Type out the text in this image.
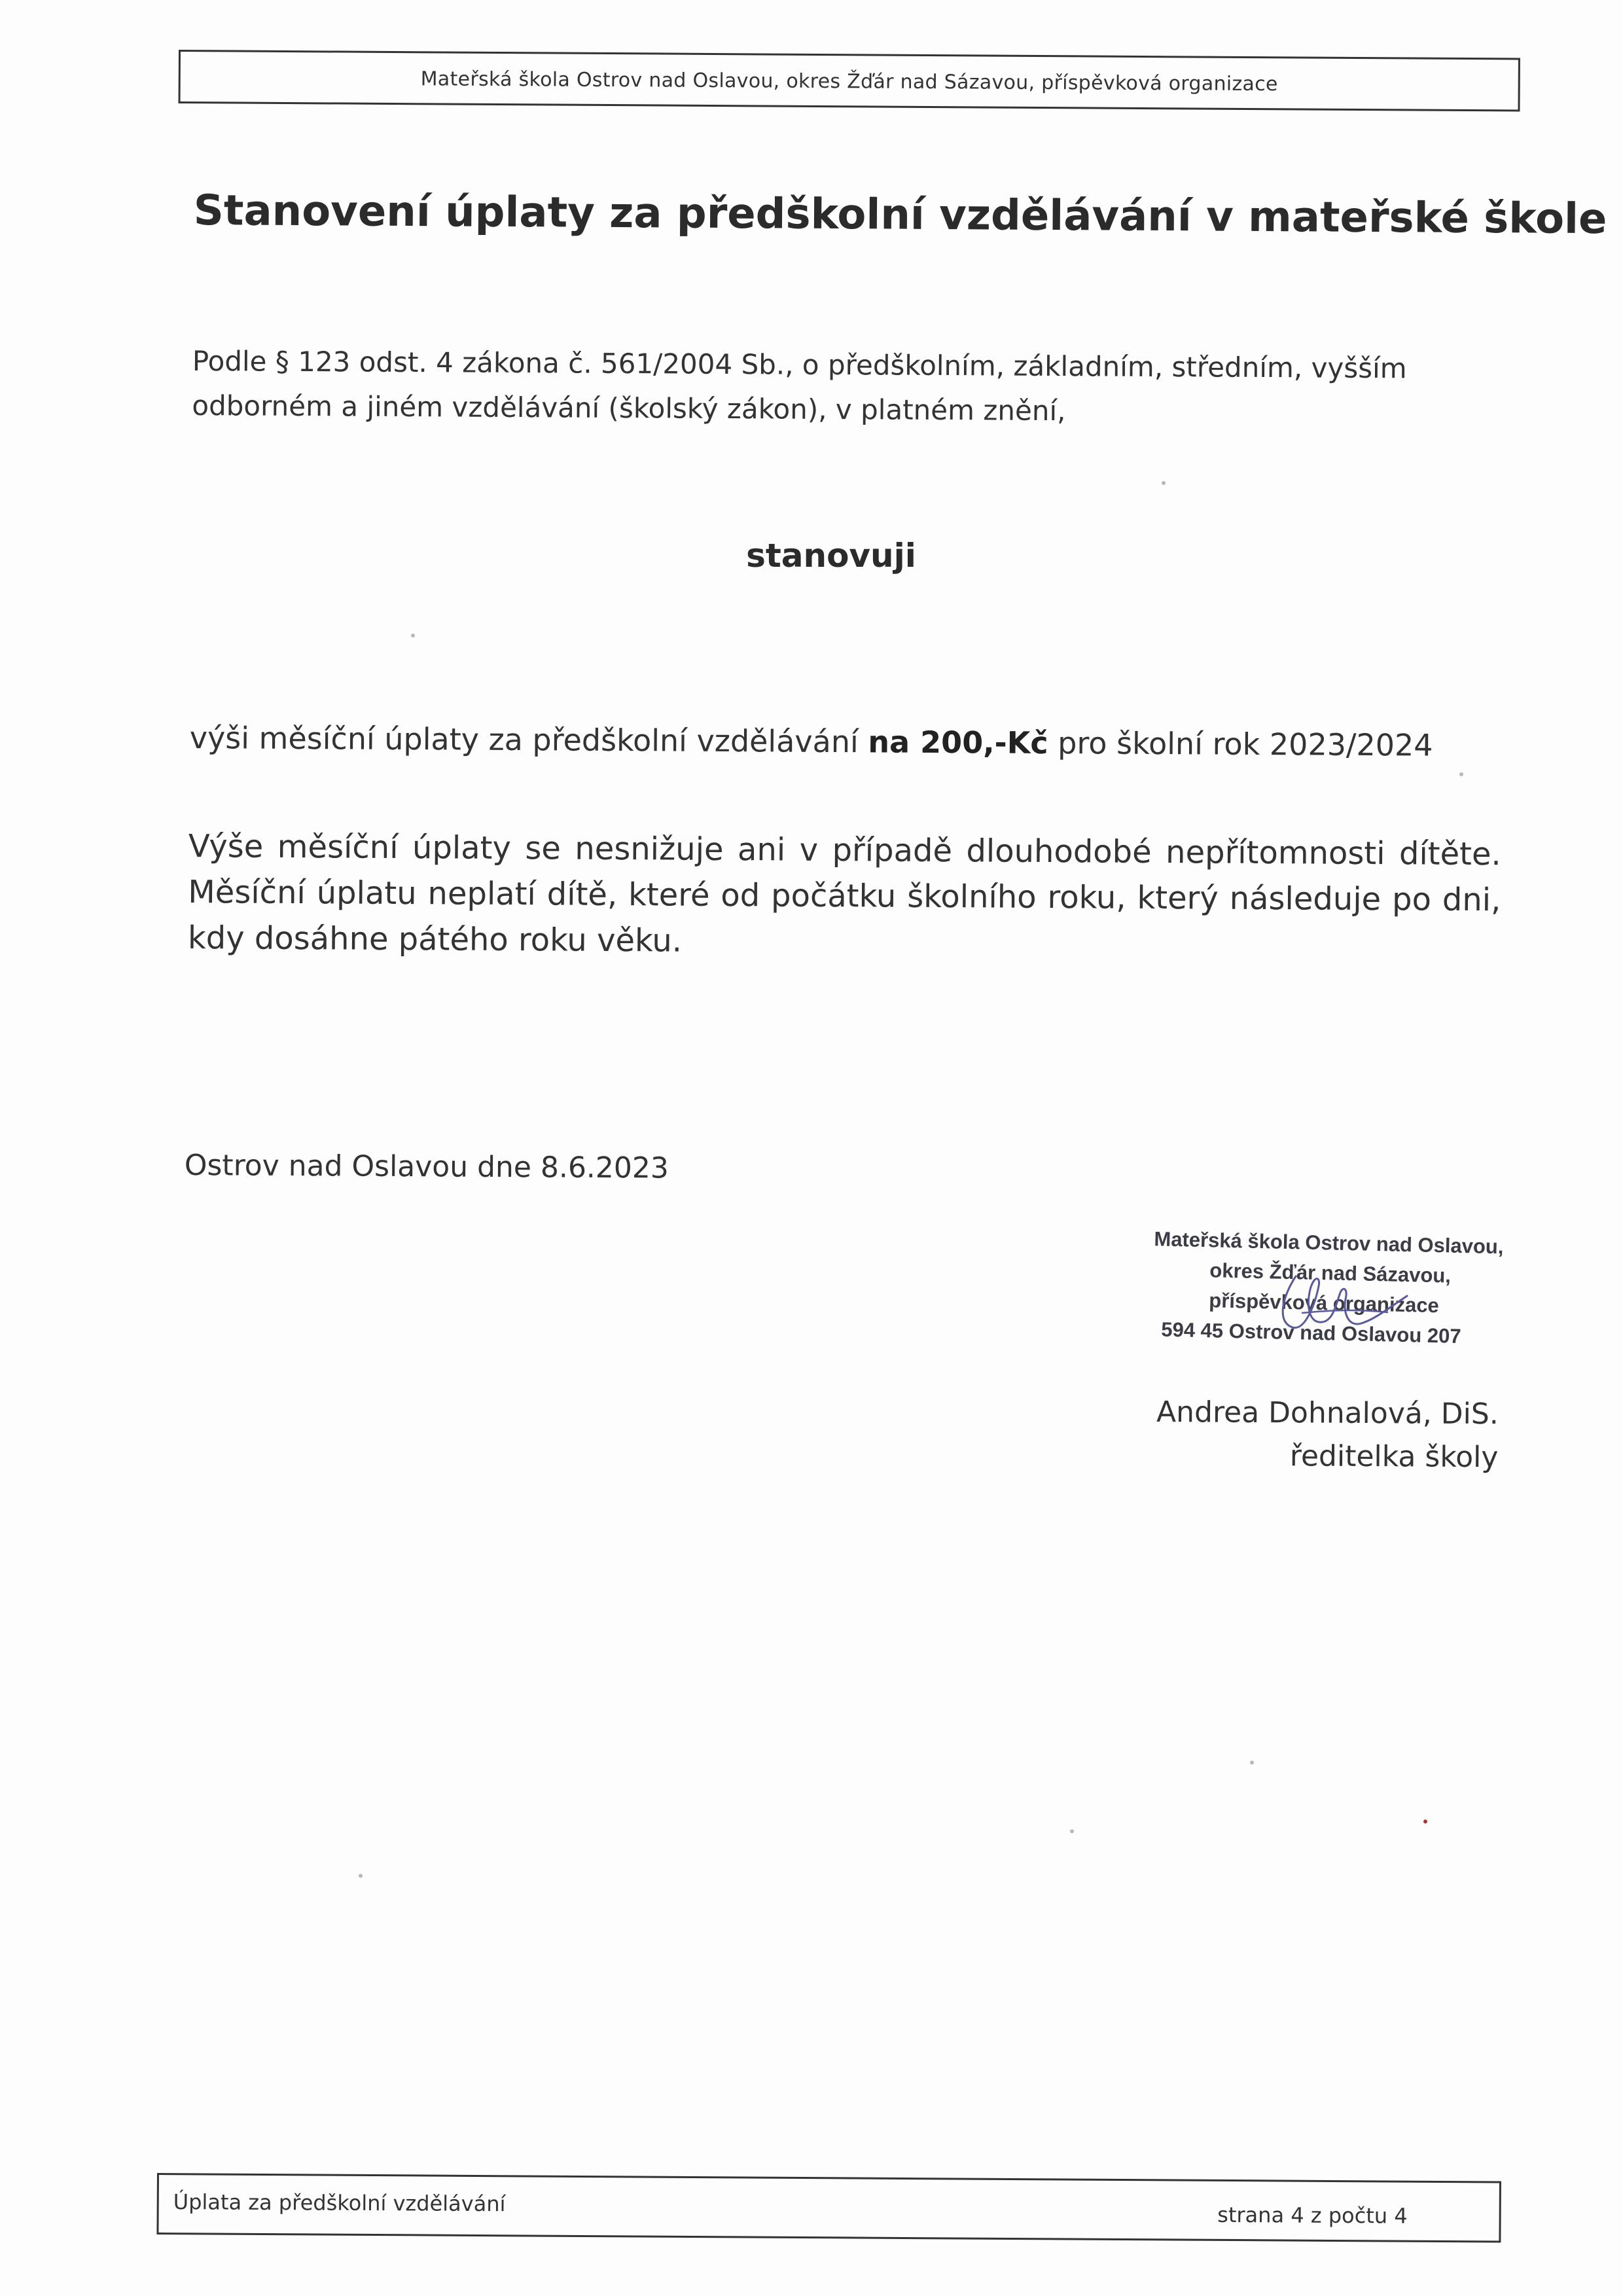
Mateřská škola Ostrov nad Oslavou, okres Žďár nad Sázavou, příspěvková organizace
Stanovení úplaty za předškolní vzdělávání v mateřské škole
Podle § 123 odst. 4 zákona č. 561/2004 Sb., o předškolním, základním, středním, vyšším odborném a jiném vzdělávání (školský zákon), v platném znění,
stanovuji
výši měsíční úplaty za předškolní vzdělávání na 200,-Kč pro školní rok 2023/2024
Výše měsíční úplaty se nesnižuje ani v případě dlouhodobé nepřítomnosti dítěte. Měsíční úplatu neplatí dítě, které od počátku školního roku, který následuje po dni, kdy dosáhne pátého roku věku.
Ostrov nad Oslavou dne 8.6.2023
Mateřská škola Ostrov nad Oslavou,
okres Žďár nad Sázavou,
příspěvková organizace
594 45 Ostrov nad Oslavou 207
Andrea Dohnalová, DiS.
ředitelka školy
Úplata za předškolní vzdělávání	strana 4 z počtu 4
